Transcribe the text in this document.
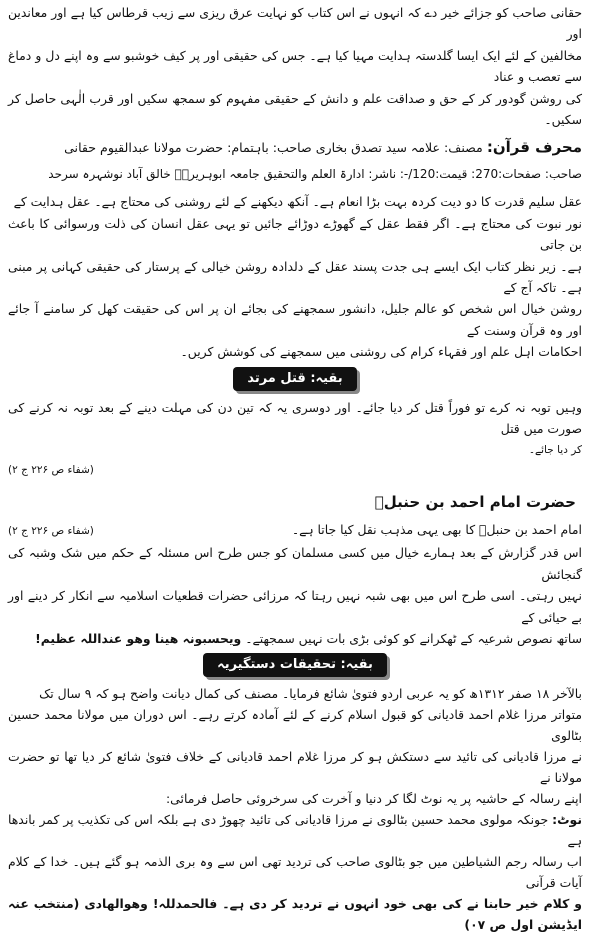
حقانی صاحب کو جزائے خیر دے کہ انہوں نے اس کتاب کو نہایت عرق ریزی سے زیب قرطاس کیا ہے اور معاندین اور

مخالفین کے لئے ایک ایسا گلدستہ ہدایت مہیا کیا ہے۔ جس کی حقیقی اور پر کیف خوشبو سے وہ اپنے دل و دماغ سے تعصب و عناد

کی روشن گودور کر کے حق و صداقت علم و دانش کے حقیقی مفہوم کو سمجھ سکیں اور قرب الٰہی حاصل کر سکیں۔

محرف قرآن: مصنف: علامہ سید تصدق بخاری صاحب: باہتمام: حضرت مولانا عبدالقیوم حقانی

صاحب: صفحات:270: قیمت:120/-: ناشر: ادارۃ العلم والتحقیق جامعہ ابوہریرہؓ خالق آباد نوشہرہ سرحد

عقل سلیم قدرت کا دو دیت کردہ بہت بڑا انعام ہے۔ آنکھ دیکھنے کے لئے روشنی کی محتاج ہے۔ عقل ہدایت کے

نور نبوت کی محتاج ہے۔ اگر فقط عقل کے گھوڑے دوڑائے جائیں تو یہی عقل انسان کی ذلت ورسوائی کا باعث بن جاتی

ہے۔ زیر نظر کتاب ایک ایسے ہی جدت پسند عقل کے دلدادہ روشن خیالی کے پرستار کی حقیقی کہانی پر مبنی ہے۔ تاکہ آج کے

روشن خیال اس شخص کو عالم جلیل، دانشور سمجھنے کی بجائے ان پر اس کی حقیقت کھل کر سامنے آ جائے اور وہ قرآن وسنت کے

احکامات اہل علم اور فقہاء کرام کی روشنی میں سمجھنے کی کوشش کریں۔

بقیہ: قتل مرتد

وہیں توبہ نہ کرے تو فوراً قتل کر دیا جائے۔ اور دوسری یہ کہ تین دن کی مہلت دینے کے بعد توبہ نہ کرنے کی صورت میں قتل

کر دیا جائے۔

(شفاء ص ۲۲۶ ج ۲)

حضرت امام احمد بن حنبلؒ
امام احمد بن حنبلؒ کا بھی یہی مذہب نقل کیا جاتا ہے۔
(شفاء ص ۲۲۶ ج ۲)

اس قدر گزارش کے بعد ہمارے خیال میں کسی مسلمان کو جس طرح اس مسئلہ کے حکم میں شک وشبہ کی گنجائش

نہیں رہتی۔ اسی طرح اس میں بھی شبہ نہیں رہتا کہ مرزائی حضرات قطعیات اسلامیہ سے انکار کر دینے اور بے حیائی کے

ساتھ نصوص شرعیہ کے ٹھکرانے کو کوئی بڑی بات نہیں سمجھتے۔ ویحسبونہ ھینا وھو عنداللہ عظیم!

بقیہ: تحقیقات دستگیریہ

بالآخر ۱۸ صفر ۱۳۱۲ھ کو یہ عربی اردو فتویٰ شائع فرمایا۔ مصنف کی کمال دیانت واضح ہو کہ ۹ سال تک

متواتر مرزا غلام احمد قادیانی کو قبول اسلام کرنے کے لئے آمادہ کرتے رہے۔ اس دوران میں مولانا محمد حسین بٹالوی

نے مرزا قادیانی کی تائید سے دستکش ہو کر مرزا غلام احمد قادیانی کے خلاف فتویٰ شائع کر دیا تھا تو حضرت مولانا نے

اپنے رسالہ کے حاشیہ پر یہ نوٹ لگا کر دنیا و آخرت کی سرخروئی حاصل فرمائی:

نوٹ: جونکہ مولوی محمد حسین بٹالوی نے مرزا قادیانی کی تائید چھوڑ دی ہے بلکہ اس کی تکذیب پر کمر باندھا ہے

اب رسالہ رجم الشیاطین میں جو بٹالوی صاحب کی تردید تھی اس سے وہ بری الذمہ ہو گئے ہیں۔ خدا کے کلام آیات قرآنی

و کلام خیر حابنا نے کی بھی خود انہوں نے تردید کر دی ہے۔ فالحمدللہ! وھوالھادی (منتخب عنہ ایڈیشن اول ص ۰۷)
